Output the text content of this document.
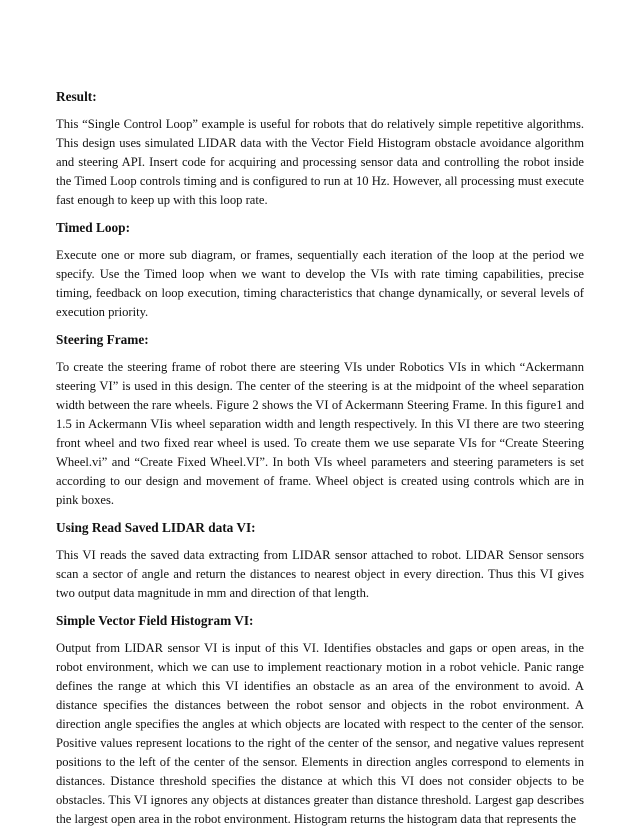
Result:

This “Single Control Loop” example is useful for robots that do relatively simple repetitive algorithms. This design uses simulated LIDAR data with the Vector Field Histogram obstacle avoidance algorithm and steering API. Insert code for acquiring and processing sensor data and controlling the robot inside the Timed Loop controls timing and is configured to run at 10 Hz. However, all processing must execute fast enough to keep up with this loop rate.

Timed Loop:

Execute one or more sub diagram, or frames, sequentially each iteration of the loop at the period we specify. Use the Timed loop when we want to develop the VIs with rate timing capabilities, precise timing, feedback on loop execution, timing characteristics that change dynamically, or several levels of execution priority.

Steering Frame:

To create the steering frame of robot there are steering VIs under Robotics VIs in which “Ackermann steering VI” is used in this design. The center of the steering is at the midpoint of the wheel separation width between the rare wheels. Figure 2 shows the VI of Ackermann Steering Frame. In this figure1 and 1.5 in Ackermann VIis wheel separation width and length respectively. In this VI there are two steering front wheel and two fixed rear wheel is used. To create them we use separate VIs for “Create Steering Wheel.vi” and “Create Fixed Wheel.VI”. In both VIs wheel parameters and steering parameters is set according to our design and movement of frame. Wheel object is created using controls which are in pink boxes.

Using Read Saved LIDAR data VI:

This VI reads the saved data extracting from LIDAR sensor attached to robot. LIDAR Sensor sensors scan a sector of angle and return the distances to nearest object in every direction. Thus this VI gives two output data magnitude in mm and direction of that length.

Simple Vector Field Histogram VI:

Output from LIDAR sensor VI is input of this VI. Identifies obstacles and gaps or open areas, in the robot environment, which we can use to implement reactionary motion in a robot vehicle. Panic range defines the range at which this VI identifies an obstacle as an area of the environment to avoid. A distance specifies the distances between the robot sensor and objects in the robot environment. A direction angle specifies the angles at which objects are located with respect to the center of the sensor. Positive values represent locations to the right of the center of the sensor, and negative values represent positions to the left of the center of the sensor. Elements in direction angles correspond to elements in distances. Distance threshold specifies the distance at which this VI does not consider objects to be obstacles. This VI ignores any objects at distances greater than distance threshold. Largest gap describes the largest open area in the robot environment. Histogram returns the histogram data that represents the
